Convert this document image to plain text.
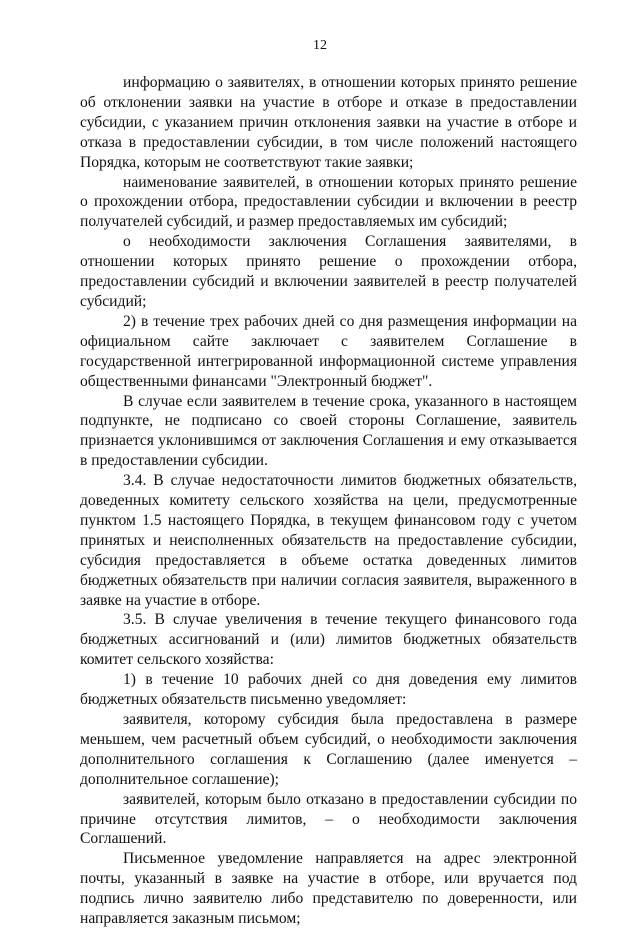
12

информацию о заявителях, в отношении которых принято решение об отклонении заявки на участие в отборе и отказе в предоставлении субсидии, с указанием причин отклонения заявки на участие в отборе и отказа в предоставлении субсидии, в том числе положений настоящего Порядка, которым не соответствуют такие заявки;

наименование заявителей, в отношении которых принято решение о прохождении отбора, предоставлении субсидии и включении в реестр получателей субсидий, и размер предоставляемых им субсидий;

о необходимости заключения Соглашения заявителями, в отношении которых принято решение о прохождении отбора, предоставлении субсидий и включении заявителей в реестр получателей субсидий;

2) в течение трех рабочих дней со дня размещения информации на официальном сайте заключает с заявителем Соглашение в государственной интегрированной информационной системе управления общественными финансами "Электронный бюджет".

В случае если заявителем в течение срока, указанного в настоящем подпункте, не подписано со своей стороны Соглашение, заявитель признается уклонившимся от заключения Соглашения и ему отказывается в предоставлении субсидии.

3.4. В случае недостаточности лимитов бюджетных обязательств, доведенных комитету сельского хозяйства на цели, предусмотренные пунктом 1.5 настоящего Порядка, в текущем финансовом году с учетом принятых и неисполненных обязательств на предоставление субсидии, субсидия предоставляется в объеме остатка доведенных лимитов бюджетных обязательств при наличии согласия заявителя, выраженного в заявке на участие в отборе.

3.5. В случае увеличения в течение текущего финансового года бюджетных ассигнований и (или) лимитов бюджетных обязательств комитет сельского хозяйства:

1) в течение 10 рабочих дней со дня доведения ему лимитов бюджетных обязательств письменно уведомляет:

заявителя, которому субсидия была предоставлена в размере меньшем, чем расчетный объем субсидий, о необходимости заключения дополнительного соглашения к Соглашению (далее именуется – дополнительное соглашение);

заявителей, которым было отказано в предоставлении субсидии по причине отсутствия лимитов, – о необходимости заключения Соглашений.

Письменное уведомление направляется на адрес электронной почты, указанный в заявке на участие в отборе, или вручается под подпись лично заявителю либо представителю по доверенности, или направляется заказным письмом;
